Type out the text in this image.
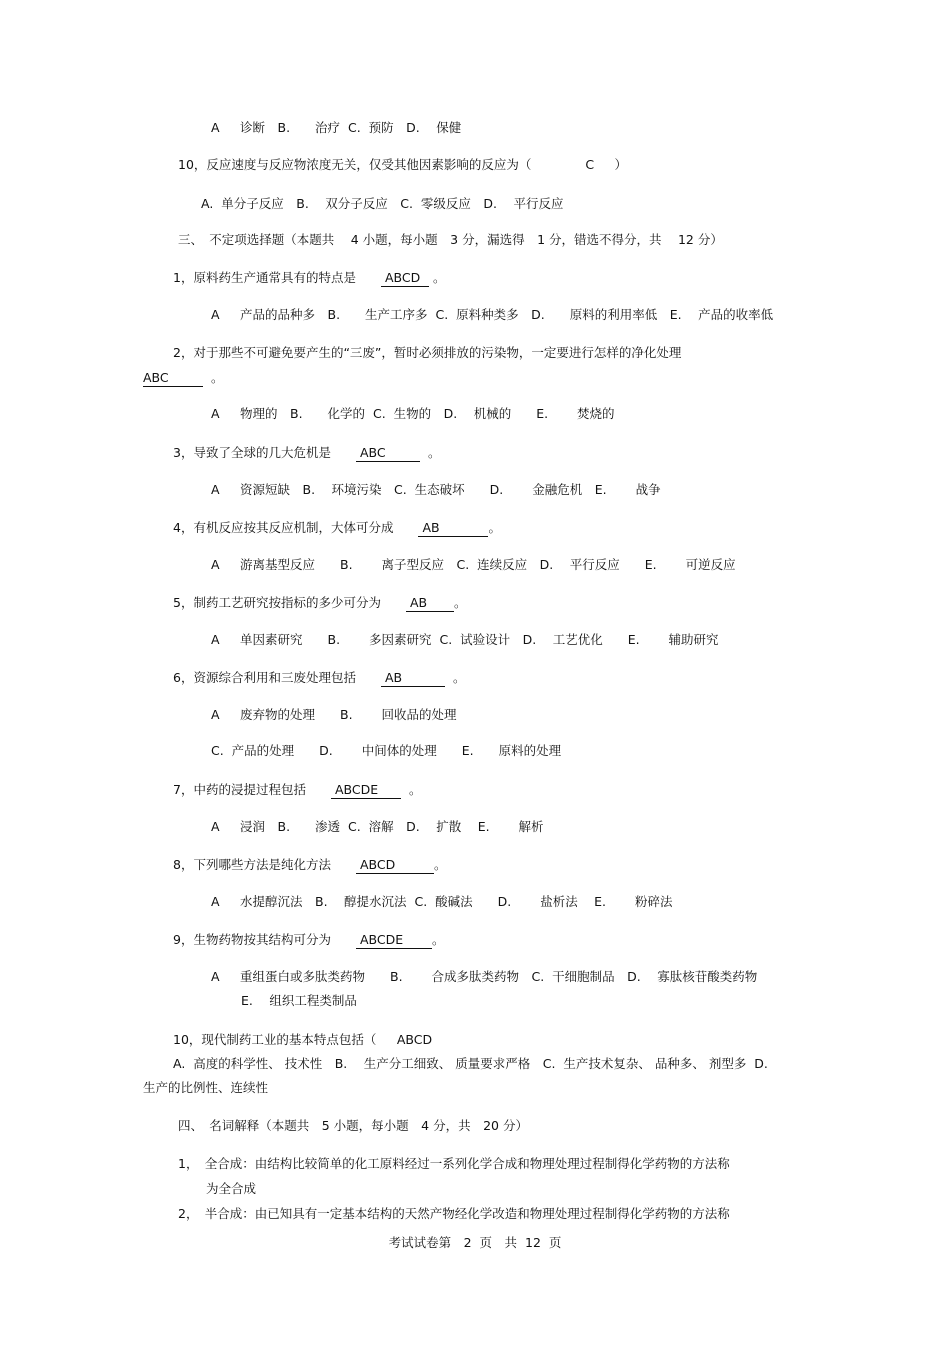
A　  诊断　B.　　治疗  C.  预防　D.　 保健
10，反应速度与反应物浓度无关，仅受其他因素影响的反应为（　　　　 C　  ）
A.  单分子反应　B.　 双分子反应　C.  零级反应　D.　 平行反应
三、　不定项选择题（本题共　 4 小题，每小题　3 分，漏选得　1 分，错选不得分，共　 12 分）
1，原料药生产通常具有的特点是　　 ABCD 。
A　  产品的品种多　B.　　生产工序多  C.  原料种类多　D.　　原料的利用率低　E.　 产品的收率低
2，对于那些不可避免要产生的“三废”，暂时必须排放的污染物，一定要进行怎样的净化处理
ABC	。
A　  物理的　B.　　化学的  C.  生物的　D.　 机械的　　E.　　 焚烧的
3，导致了全球的几大危机是　　 ABC	。
A　  资源短缺　B.　 环境污染　C.  生态破坏　　D.　　 金融危机　E.　　 战争
4，有机反应按其反应机制，大体可分成　　 AB	。
A　  游离基型反应　　B.　　 离子型反应　C.  连续反应　D.　 平行反应　　E.　　 可逆反应
5，制药工艺研究按指标的多少可分为　　 AB 。
A　  单因素研究　　B.　　 多因素研究  C.  试验设计　D.　 工艺优化　　E.　　 辅助研究
6，资源综合利用和三废处理包括　　 AB	。
A　  废弃物的处理　　B.　　 回收品的处理
C.  产品的处理　　D.　　 中间体的处理　　E.　　原料的处理
7，中药的浸提过程包括　　 ABCDE 。
A　  浸润　B.　　渗透  C.  溶解　D.　 扩散　 E.　　 解析
8，下列哪些方法是纯化方法　　 ABCD	。
A　  水提醇沉法　B.　 醇提水沉法  C.  酸碱法　　D.　　 盐析法　 E.　　 粉碎法
9，生物药物按其结构可分为　　 ABCDE 。
A　  重组蛋白或多肽类药物　　B.　　 合成多肽类药物　C.  干细胞制品　D.　 寡肽核苷酸类药物
E.　 组织工程类制品
10，现代制药工业的基本特点包括（　 ABCD
A.  高度的科学性、 技术性　B.　 生产分工细致、 质量要求严格　C.  生产技术复杂、 品种多、 剂型多  D.
生产的比例性、连续性
四、　名词解释（本题共　5 小题，每小题　4 分，共　20 分）
1，　全合成：由结构比较简单的化工原料经过一系列化学合成和物理处理过程制得化学药物的方法称
为全合成
2，　半合成：由已知具有一定基本结构的天然产物经化学改造和物理处理过程制得化学药物的方法称
考试试卷第　2  页　共  12  页
